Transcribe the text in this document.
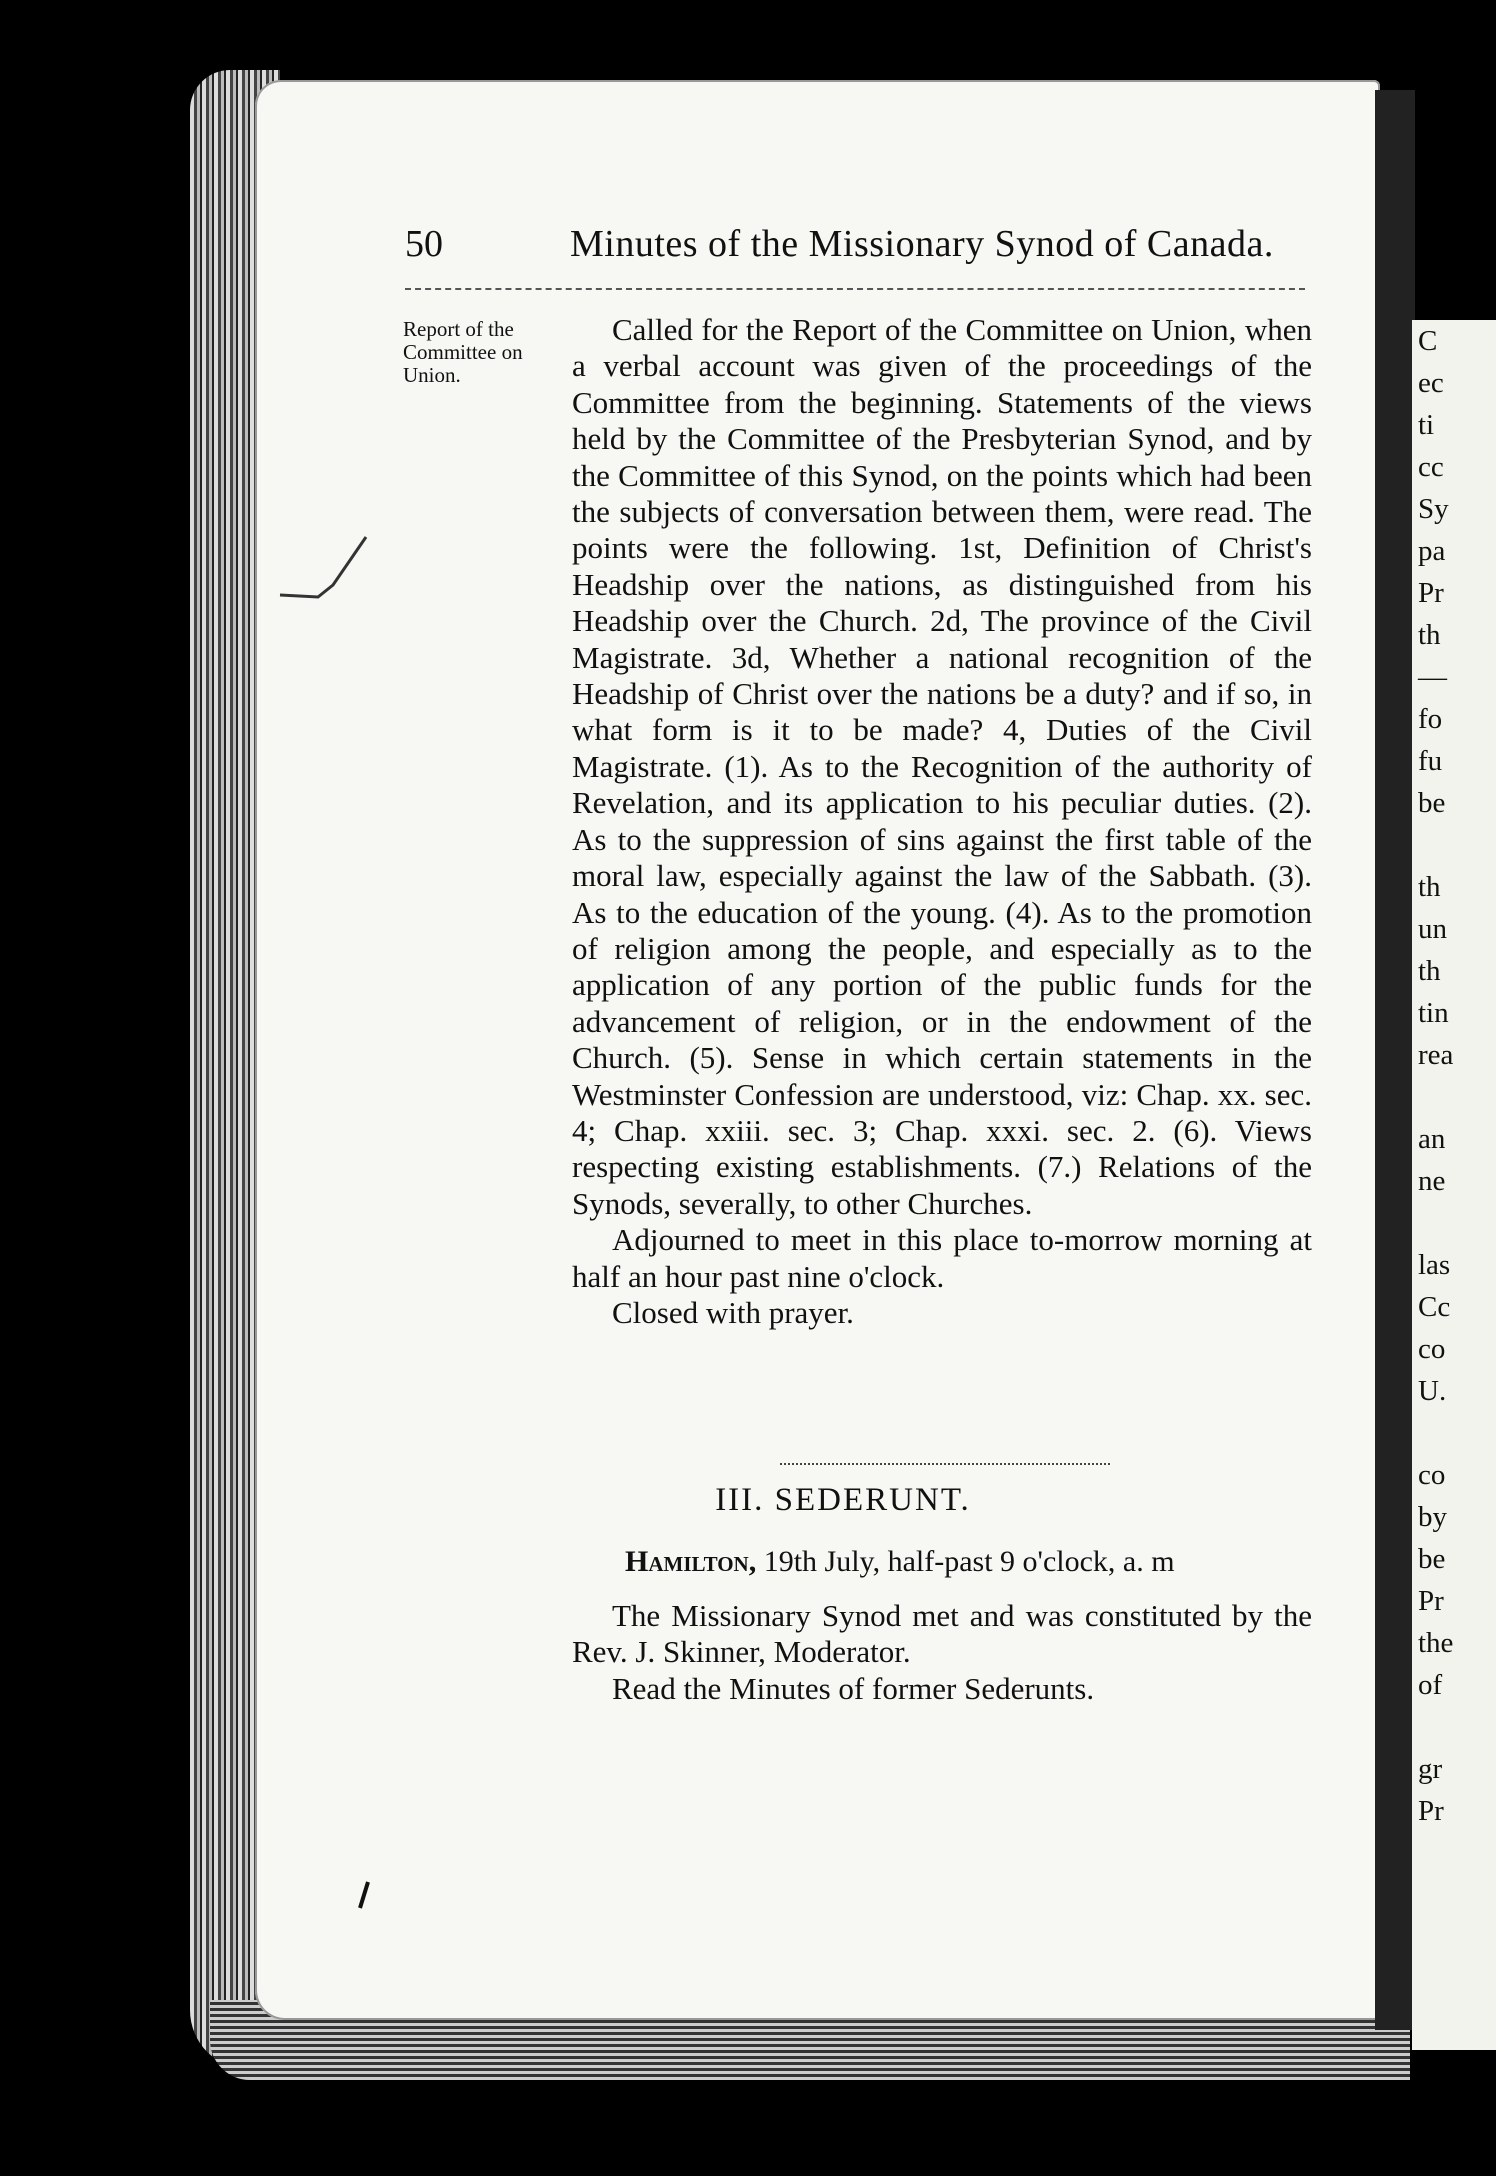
C
ec
ti
cc
Sy
pa
Pr
th
—
fo
fu
be
th
un
th
tin
rea
an
ne
las
Cc
co
U.
co
by
be
Pr
the
of
gr
Pr
50	Minutes of the Missionary Synod of Canada.
Report of the Committee on Union.

Called for the Report of the Committee on Union, when a verbal account was given of the proceedings of the Committee from the beginning. Statements of the views held by the Committee of the Presbyterian Synod, and by the Committee of this Synod, on the points which had been the subjects of conversation between them, were read. The points were the following. 1st, Definition of Christ's Headship over the nations, as distinguished from his Headship over the Church. 2d, The province of the Civil Magistrate. 3d, Whether a national recognition of the Headship of Christ over the nations be a duty? and if so, in what form is it to be made? 4, Duties of the Civil Magistrate. (1). As to the Recognition of the authority of Revelation, and its application to his peculiar duties. (2). As to the suppression of sins against the first table of the moral law, especially against the law of the Sabbath. (3). As to the education of the young. (4). As to the promotion of religion among the people, and especially as to the application of any portion of the public funds for the advancement of religion, or in the endowment of the Church. (5). Sense in which certain statements in the Westminster Confession are understood, viz: Chap. xx. sec. 4; Chap. xxiii. sec. 3; Chap. xxxi. sec. 2. (6). Views respecting existing establishments. (7.) Relations of the Synods, severally, to other Churches.

Adjourned to meet in this place to-morrow morning at half an hour past nine o'clock.

Closed with prayer.

III. SEDERUNT.
Hamilton, 19th July, half-past 9 o'clock, a. m

The Missionary Synod met and was constituted by the Rev. J. Skinner, Moderator.

Read the Minutes of former Sederunts.
